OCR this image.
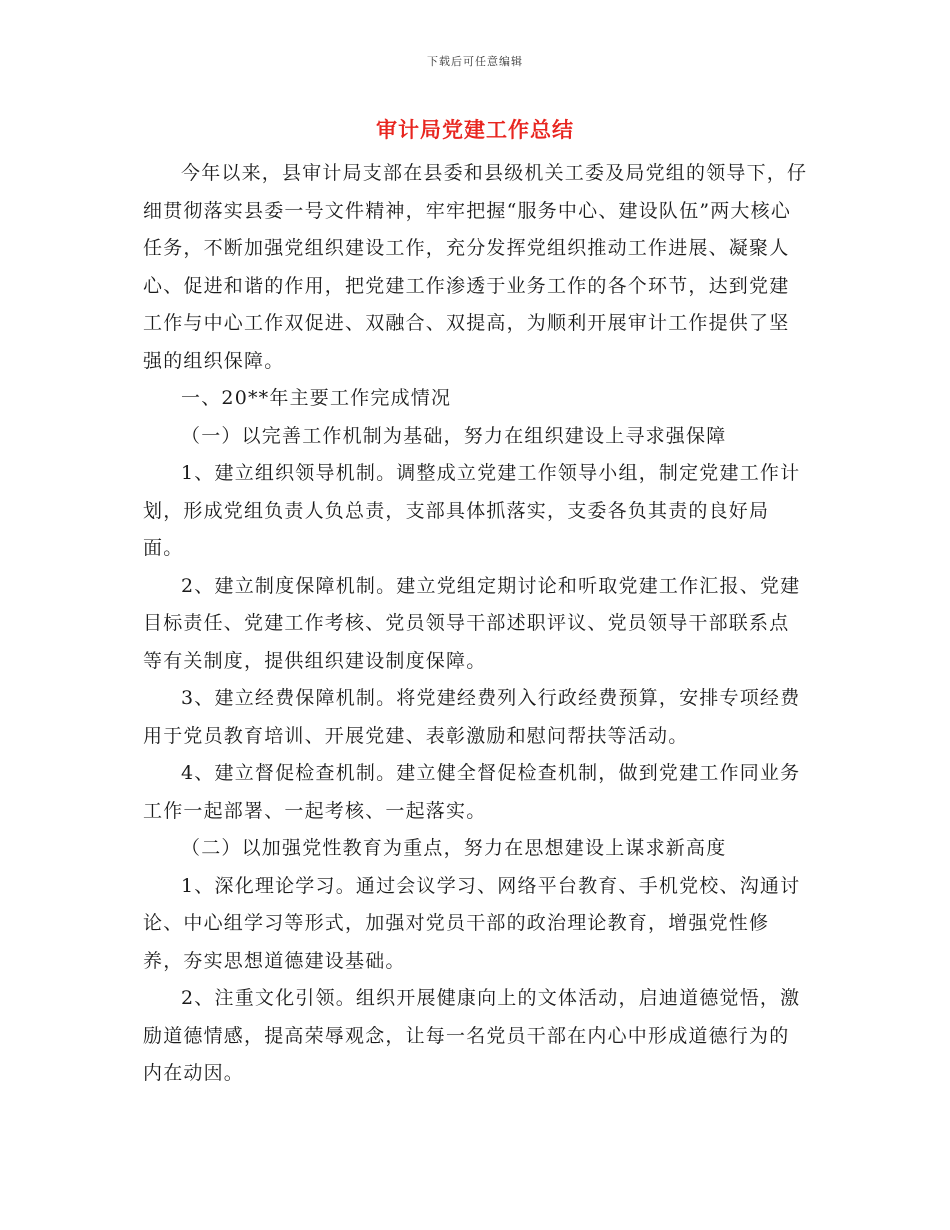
下载后可任意编辑
审计局党建工作总结

今年以来，县审计局支部在县委和县级机关工委及局党组的领导下，仔细贯彻落实县委一号文件精神，牢牢把握“服务中心、建设队伍”两大核心任务，不断加强党组织建设工作，充分发挥党组织推动工作进展、凝聚人心、促进和谐的作用，把党建工作渗透于业务工作的各个环节，达到党建工作与中心工作双促进、双融合、双提高，为顺利开展审计工作提供了坚强的组织保障。

一、20**年主要工作完成情况

（一）以完善工作机制为基础，努力在组织建设上寻求强保障

1、建立组织领导机制。调整成立党建工作领导小组，制定党建工作计划，形成党组负责人负总责，支部具体抓落实，支委各负其责的良好局面。

2、建立制度保障机制。建立党组定期讨论和听取党建工作汇报、党建目标责任、党建工作考核、党员领导干部述职评议、党员领导干部联系点等有关制度，提供组织建设制度保障。

3、建立经费保障机制。将党建经费列入行政经费预算，安排专项经费用于党员教育培训、开展党建、表彰激励和慰问帮扶等活动。

4、建立督促检查机制。建立健全督促检查机制，做到党建工作同业务工作一起部署、一起考核、一起落实。

（二）以加强党性教育为重点，努力在思想建设上谋求新高度

1、深化理论学习。通过会议学习、网络平台教育、手机党校、沟通讨论、中心组学习等形式，加强对党员干部的政治理论教育，增强党性修养，夯实思想道德建设基础。

2、注重文化引领。组织开展健康向上的文体活动，启迪道德觉悟，激励道德情感，提高荣辱观念，让每一名党员干部在内心中形成道德行为的内在动因。
